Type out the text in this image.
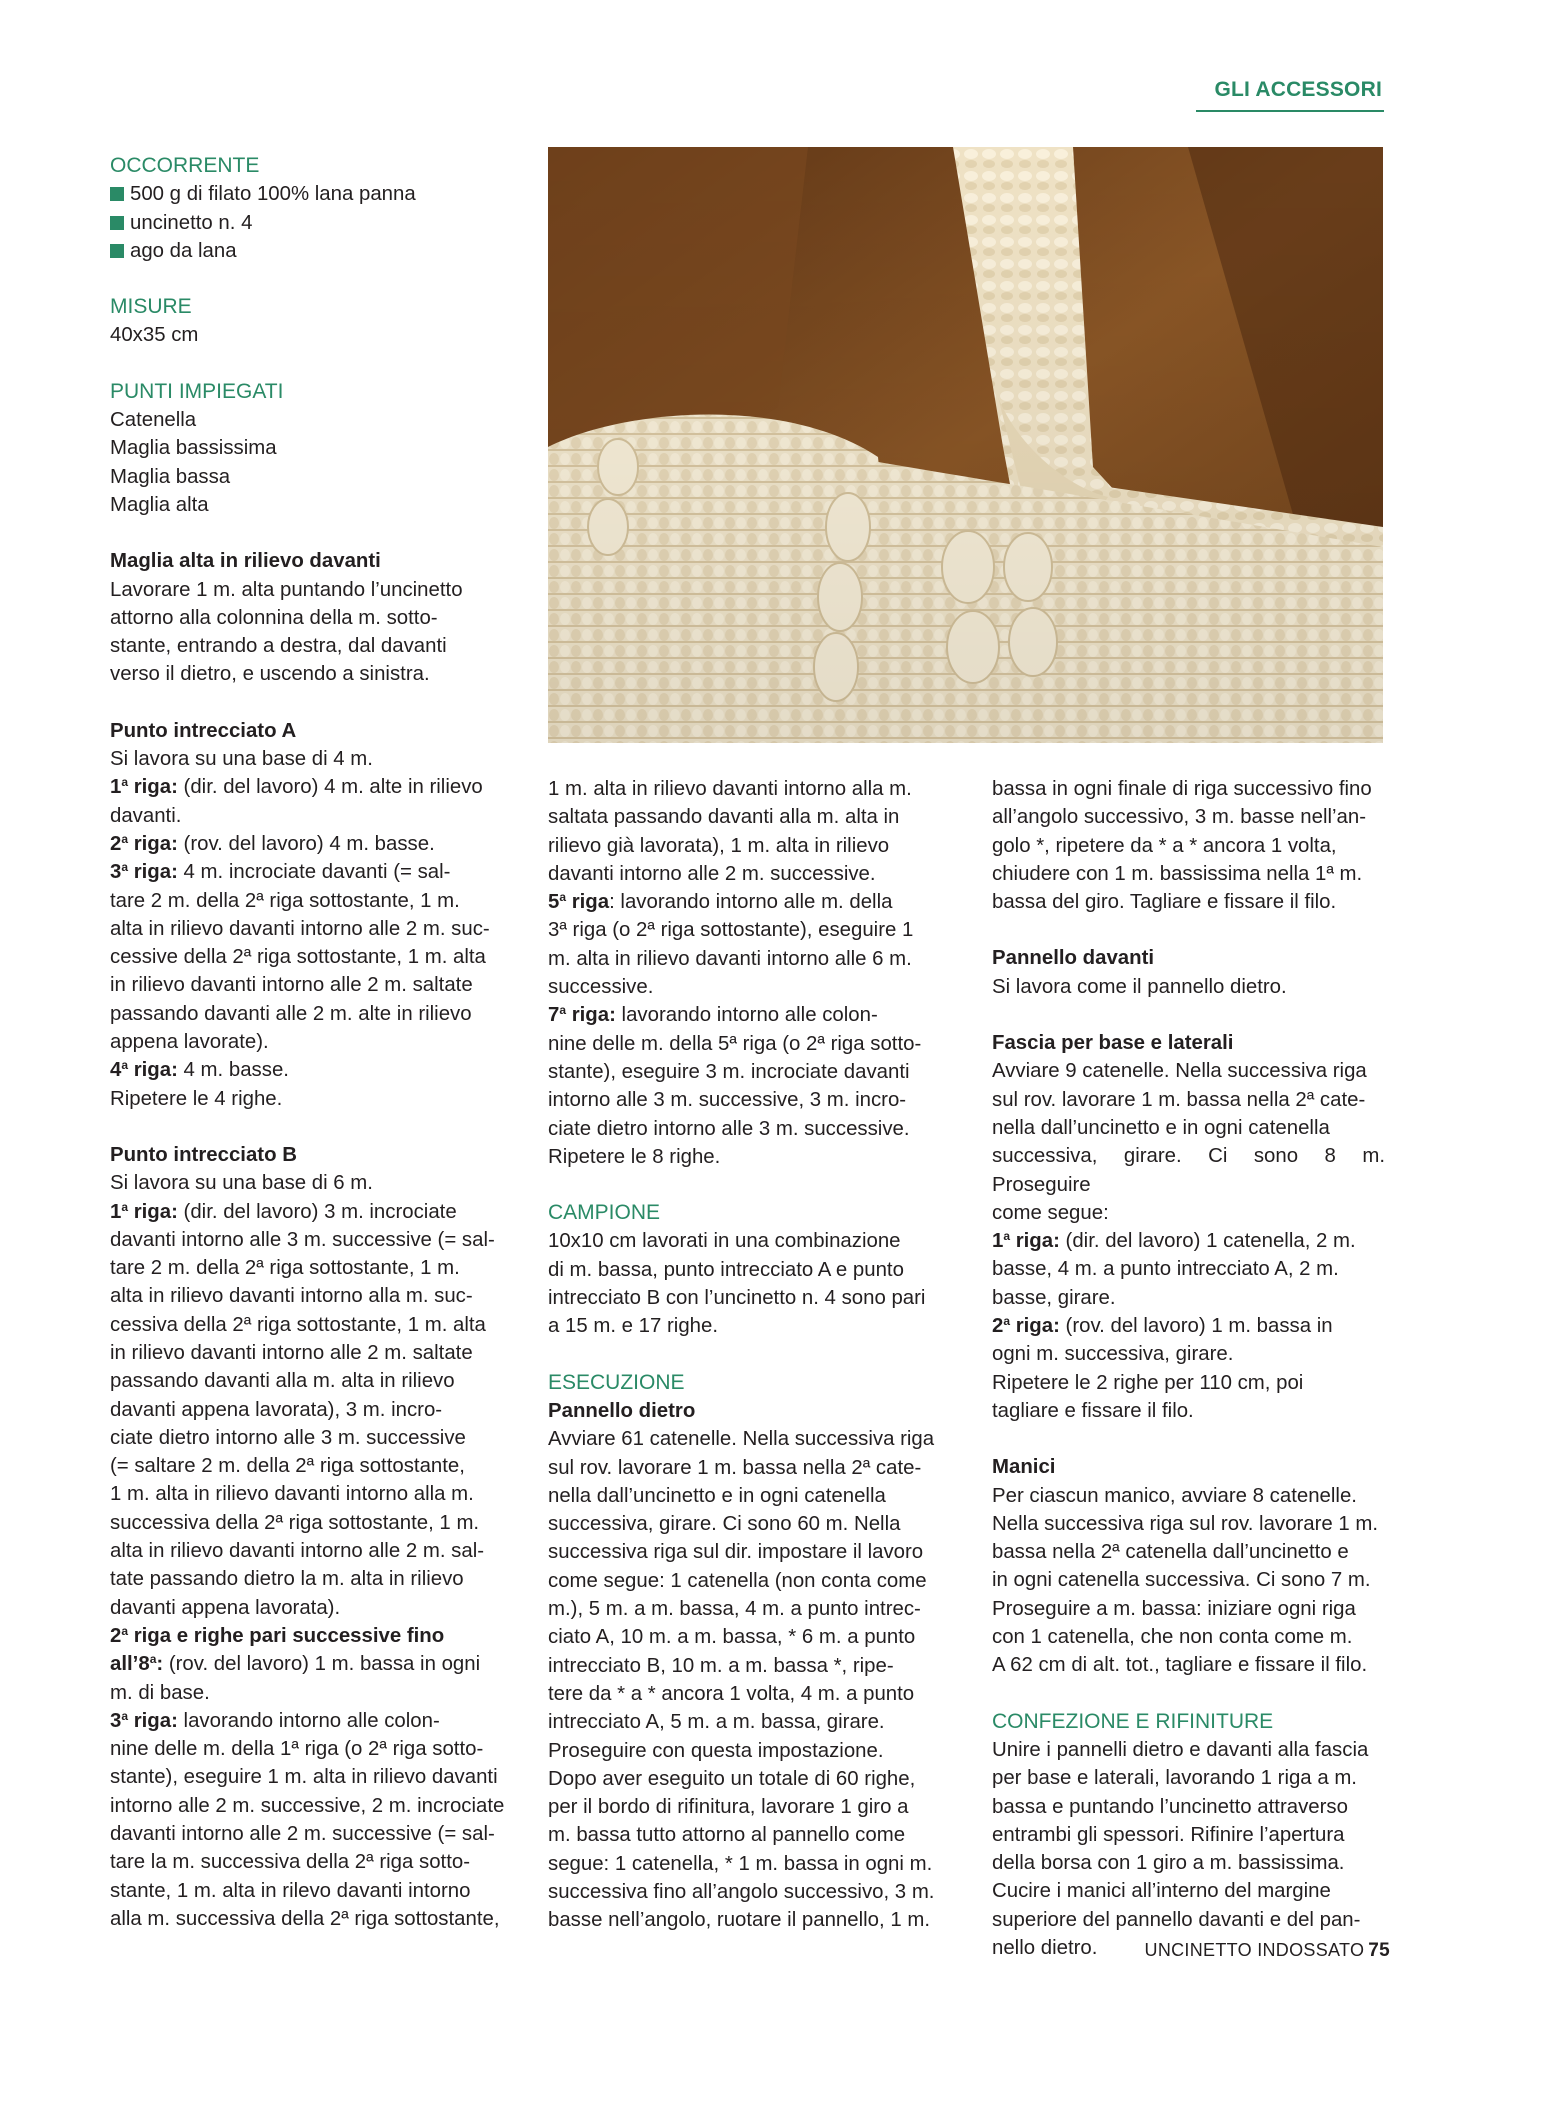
GLI ACCESSORI

OCCORRENTE

500 g di filato 100% lana panna

uncinetto n. 4

ago da lana

MISURE

40x35 cm

PUNTI IMPIEGATI

Catenella

Maglia bassissima

Maglia bassa

Maglia alta

Maglia alta in rilievo davanti

Lavorare 1 m. alta puntando l’uncinetto

attorno alla colonnina della m. sotto-

stante, entrando a destra, dal davanti

verso il dietro, e uscendo a sinistra.

Punto intrecciato A

Si lavora su una base di 4 m.

1$^a$ riga: (dir. del lavoro) 4 m. alte in rilievo

davanti.

2$^a$ riga: (rov. del lavoro) 4 m. basse.

3$^a$ riga: 4 m. incrociate davanti (= sal-

tare 2 m. della 2ª riga sottostante, 1 m.

alta in rilievo davanti intorno alle 2 m. suc-

cessive della 2ª riga sottostante, 1 m. alta

in rilievo davanti intorno alle 2 m. saltate

passando davanti alle 2 m. alte in rilievo

appena lavorate).

4$^a$ riga: 4 m. basse.

Ripetere le 4 righe.

Punto intrecciato B

Si lavora su una base di 6 m.

1$^a$ riga: (dir. del lavoro) 3 m. incrociate

davanti intorno alle 3 m. successive (= sal-

tare 2 m. della 2ª riga sottostante, 1 m.

alta in rilievo davanti intorno alla m. suc-

cessiva della 2ª riga sottostante, 1 m. alta

in rilievo davanti intorno alle 2 m. saltate

passando davanti alla m. alta in rilievo

davanti appena lavorata), 3 m. incro-

ciate dietro intorno alle 3 m. successive

(= saltare 2 m. della 2ª riga sottostante,

1 m. alta in rilievo davanti intorno alla m.

successiva della 2ª riga sottostante, 1 m.

alta in rilievo davanti intorno alle 2 m. sal-

tate passando dietro la m. alta in rilievo

davanti appena lavorata).

2$^a$ riga e righe pari successive fino

all’8$^a$: (rov. del lavoro) 1 m. bassa in ogni

m. di base.

3$^a$ riga: lavorando intorno alle colon-

nine delle m. della 1ª riga (o 2ª riga sotto-

stante), eseguire 1 m. alta in rilievo davanti

intorno alle 2 m. successive, 2 m. incrociate

davanti intorno alle 2 m. successive (= sal-

tare la m. successiva della 2ª riga sotto-

stante, 1 m. alta in rilevo davanti intorno

alla m. successiva della 2ª riga sottostante,

1 m. alta in rilievo davanti intorno alla m.

saltata passando davanti alla m. alta in

rilievo già lavorata), 1 m. alta in rilievo

davanti intorno alle 2 m. successive.

5$^a$ riga: lavorando intorno alle m. della

3ª riga (o 2ª riga sottostante), eseguire 1

m. alta in rilievo davanti intorno alle 6 m.

successive.

7$^a$ riga: lavorando intorno alle colon-

nine delle m. della 5ª riga (o 2ª riga sotto-

stante), eseguire 3 m. incrociate davanti

intorno alle 3 m. successive, 3 m. incro-

ciate dietro intorno alle 3 m. successive.

Ripetere le 8 righe.

CAMPIONE

10x10 cm lavorati in una combinazione

di m. bassa, punto intrecciato A e punto

intrecciato B con l’uncinetto n. 4 sono pari

a 15 m. e 17 righe.

ESECUZIONE

Pannello dietro

Avviare 61 catenelle. Nella successiva riga

sul rov. lavorare 1 m. bassa nella 2ª cate-

nella dall’uncinetto e in ogni catenella

successiva, girare. Ci sono 60 m. Nella

successiva riga sul dir. impostare il lavoro

come segue: 1 catenella (non conta come

m.), 5 m. a m. bassa, 4 m. a punto intrec-

ciato A, 10 m. a m. bassa, * 6 m. a punto

intrecciato B, 10 m. a m. bassa *, ripe-

tere da * a * ancora 1 volta, 4 m. a punto

intrecciato A, 5 m. a m. bassa, girare.

Proseguire con questa impostazione.

Dopo aver eseguito un totale di 60 righe,

per il bordo di rifinitura, lavorare 1 giro a

m. bassa tutto attorno al pannello come

segue: 1 catenella, * 1 m. bassa in ogni m.

successiva fino all’angolo successivo, 3 m.

basse nell’angolo, ruotare il pannello, 1 m.

bassa in ogni finale di riga successivo fino

all’angolo successivo, 3 m. basse nell’an-

golo *, ripetere da * a * ancora 1 volta,

chiudere con 1 m. bassissima nella 1ª m.

bassa del giro. Tagliare e fissare il filo.

Pannello davanti

Si lavora come il pannello dietro.

Fascia per base e laterali

Avviare 9 catenelle. Nella successiva riga

sul rov. lavorare 1 m. bassa nella 2ª cate-

nella dall’uncinetto e in ogni catenella

successiva, girare. Ci sono 8 m. Proseguire

come segue:

1$^a$ riga: (dir. del lavoro) 1 catenella, 2 m.

basse, 4 m. a punto intrecciato A, 2 m.

basse, girare.

2$^a$ riga: (rov. del lavoro) 1 m. bassa in

ogni m. successiva, girare.

Ripetere le 2 righe per 110 cm, poi

tagliare e fissare il filo.

Manici

Per ciascun manico, avviare 8 catenelle.

Nella successiva riga sul rov. lavorare 1 m.

bassa nella 2ª catenella dall’uncinetto e

in ogni catenella successiva. Ci sono 7 m.

Proseguire a m. bassa: iniziare ogni riga

con 1 catenella, che non conta come m.

A 62 cm di alt. tot., tagliare e fissare il filo.

CONFEZIONE E RIFINITURE

Unire i pannelli dietro e davanti alla fascia

per base e laterali, lavorando 1 riga a m.

bassa e puntando l’uncinetto attraverso

entrambi gli spessori. Rifinire l’apertura

della borsa con 1 giro a m. bassissima.

Cucire i manici all’interno del margine

superiore del pannello davanti e del pan-

nello dietro.	UNCINETTO INDOSSATO 75
